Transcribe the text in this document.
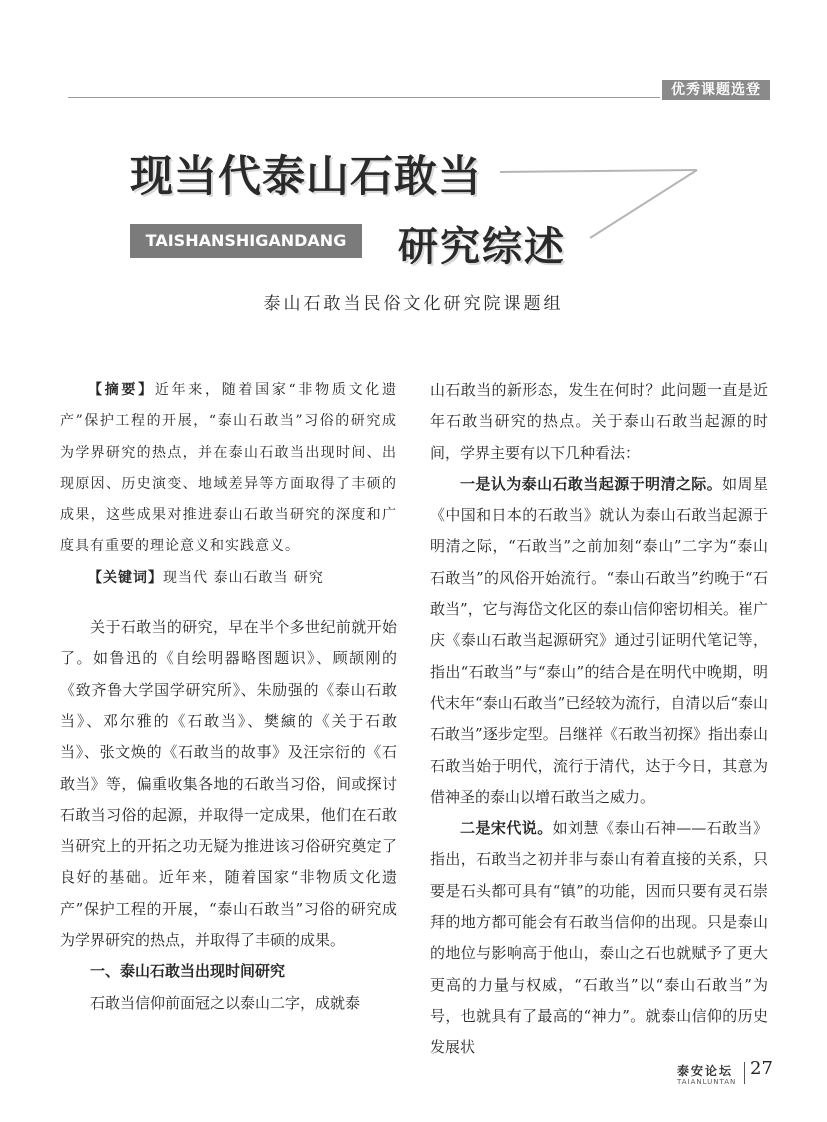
优秀课题选登
现当代泰山石敢当
TAISHANSHIGANDANG	研究综述
泰山石敢当民俗文化研究院课题组

【摘要】近年来，随着国家“非物质文化遗产”保护工程的开展，“泰山石敢当”习俗的研究成为学界研究的热点，并在泰山石敢当出现时间、出现原因、历史演变、地域差异等方面取得了丰硕的成果，这些成果对推进泰山石敢当研究的深度和广度具有重要的理论意义和实践意义。

【关键词】现当代 泰山石敢当 研究

关于石敢当的研究，早在半个多世纪前就开始了。如鲁迅的《自绘明器略图题识》、顾颉刚的《致齐鲁大学国学研究所》、朱励强的《泰山石敢当》、邓尔雅的《石敢当》、樊縯的《关于石敢当》、张文焕的《石敢当的故事》及汪宗衍的《石敢当》等，偏重收集各地的石敢当习俗，间或探讨石敢当习俗的起源，并取得一定成果，他们在石敢当研究上的开拓之功无疑为推进该习俗研究奠定了良好的基础。近年来，随着国家“非物质文化遗产”保护工程的开展，“泰山石敢当”习俗的研究成为学界研究的热点，并取得了丰硕的成果。

一、泰山石敢当出现时间研究

石敢当信仰前面冠之以泰山二字，成就泰

山石敢当的新形态，发生在何时？此问题一直是近年石敢当研究的热点。关于泰山石敢当起源的时间，学界主要有以下几种看法：

一是认为泰山石敢当起源于明清之际。如周星《中国和日本的石敢当》就认为泰山石敢当起源于明清之际，“石敢当”之前加刻“泰山”二字为“泰山石敢当”的风俗开始流行。“泰山石敢当”约晚于“石敢当”，它与海岱文化区的泰山信仰密切相关。崔广庆《泰山石敢当起源研究》通过引证明代笔记等，指出“石敢当”与“泰山”的结合是在明代中晚期，明代末年“泰山石敢当”已经较为流行，自清以后“泰山石敢当”逐步定型。吕继祥《石敢当初探》指出泰山石敢当始于明代，流行于清代，达于今日，其意为借神圣的泰山以增石敢当之威力。

二是宋代说。如刘慧《泰山石神——石敢当》指出，石敢当之初并非与泰山有着直接的关系，只要是石头都可具有“镇”的功能，因而只要有灵石崇拜的地方都可能会有石敢当信仰的出现。只是泰山的地位与影响高于他山，泰山之石也就赋予了更大更高的力量与权威，“石敢当”以“泰山石敢当”为号，也就具有了最高的“神力”。就泰山信仰的历史发展状

泰安论坛
TAIANLUNTAN
27
